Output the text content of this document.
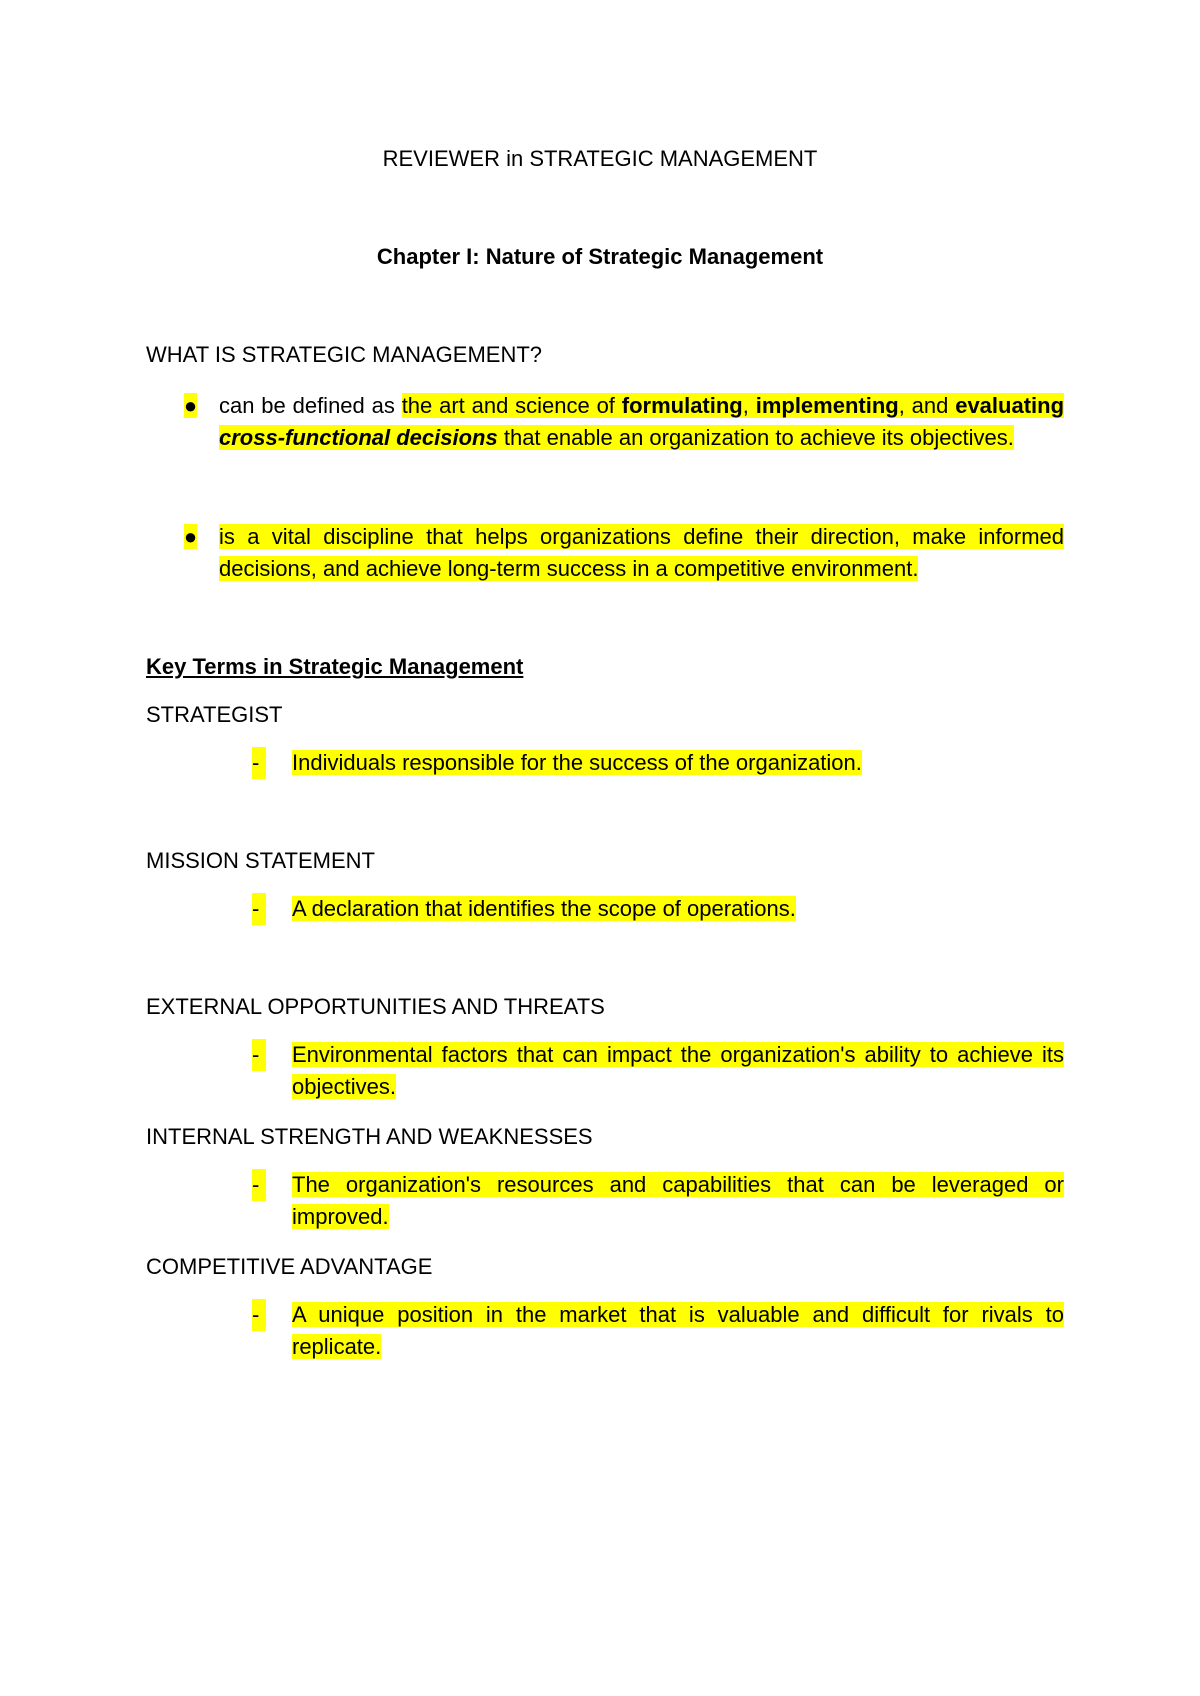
REVIEWER in STRATEGIC MANAGEMENT
Chapter I: Nature of Strategic Management
WHAT IS STRATEGIC MANAGEMENT?
● can be defined as the art and science of formulating, implementing, and evaluating cross-functional decisions that enable an organization to achieve its objectives.
● is a vital discipline that helps organizations define their direction, make informed decisions, and achieve long-term success in a competitive environment.
Key Terms in Strategic Management
STRATEGIST
-	Individuals responsible for the success of the organization.
MISSION STATEMENT
-	A declaration that identifies the scope of operations.
EXTERNAL OPPORTUNITIES AND THREATS
-	Environmental factors that can impact the organization's ability to achieve its objectives.
INTERNAL STRENGTH AND WEAKNESSES
-	The organization's resources and capabilities that can be leveraged or improved.
COMPETITIVE ADVANTAGE
-	A unique position in the market that is valuable and difficult for rivals to replicate.
